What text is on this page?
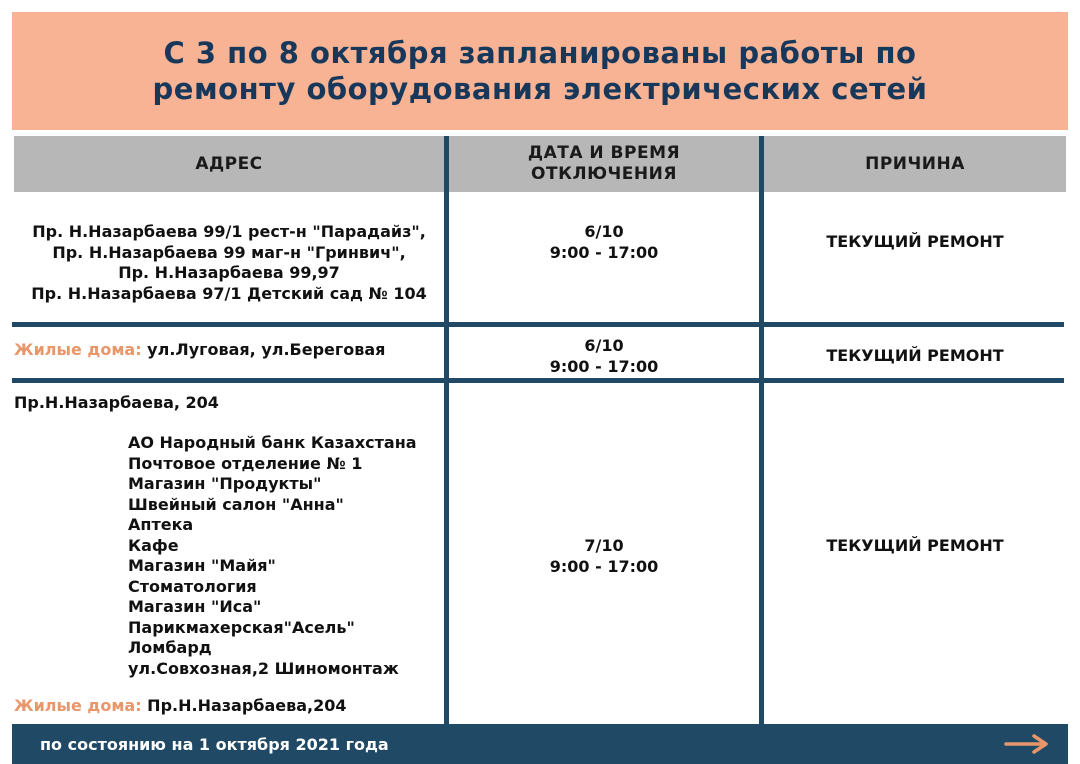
С 3 по 8 октября запланированы работы по
ремонту оборудования электрических сетей
АДРЕС
ДАТА И ВРЕМЯ
ОТКЛЮЧЕНИЯ
ПРИЧИНА
Пр. Н.Назарбаева 99/1 рест-н "Парадайз",
Пр. Н.Назарбаева 99 маг-н "Гринвич",
Пр. Н.Назарбаева 99,97
Пр. Н.Назарбаева 97/1 Детский сад № 104
6/10
9:00 - 17:00
ТЕКУЩИЙ РЕМОНТ
Жилые дома: ул.Луговая, ул.Береговая	6/10
9:00 - 17:00
ТЕКУЩИЙ РЕМОНТ
Пр.Н.Назарбаева, 204
АО Народный банк Казахстана
Почтовое отделение № 1
Магазин "Продукты"
Швейный салон "Анна"
Аптека
Кафе
Магазин "Майя"
Стоматология
Магазин "Иса"
Парикмахерская"Асель"
Ломбард
ул.Совхозная,2 Шиномонтаж
Жилые дома: Пр.Н.Назарбаева,204
7/10
9:00 - 17:00
ТЕКУЩИЙ РЕМОНТ
по состоянию на 1 октября 2021 года
